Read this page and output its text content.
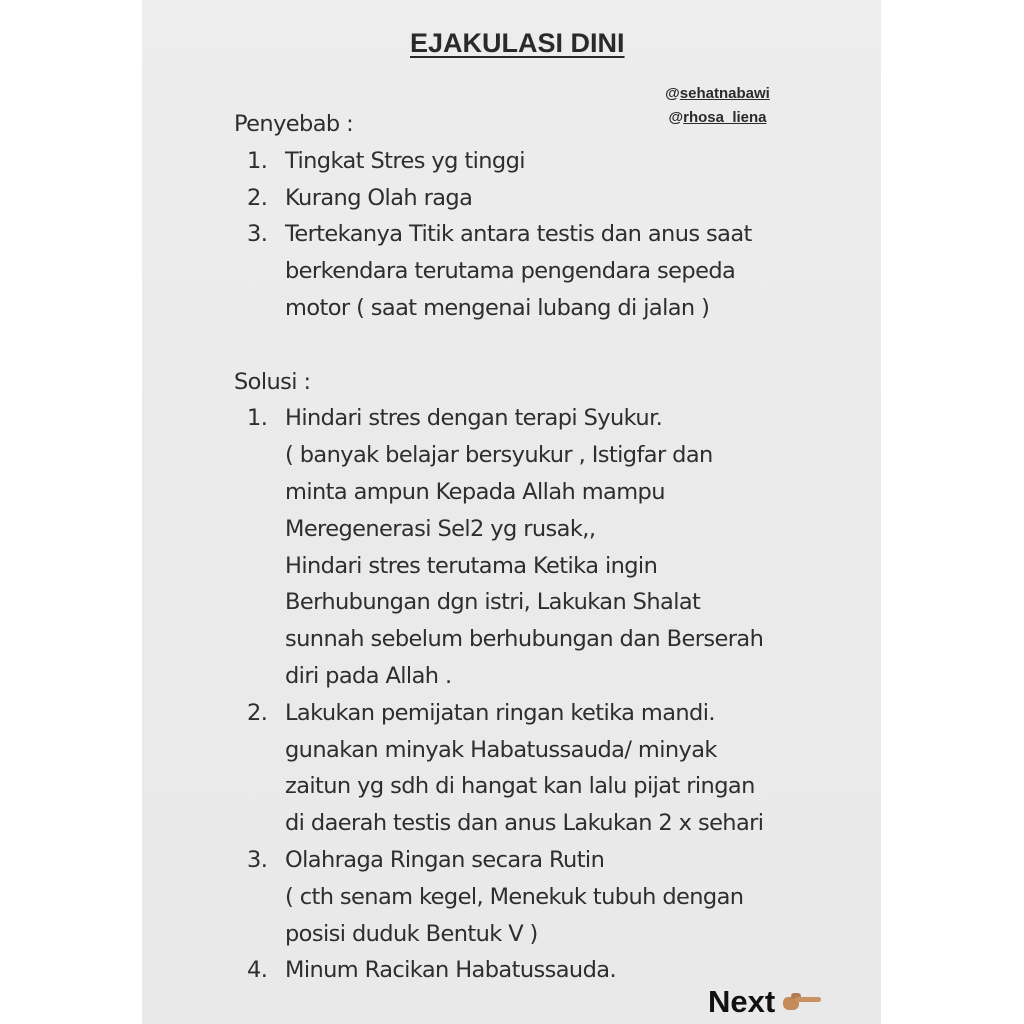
EJAKULASI DINI
@sehatnabawi
@rhosa_liena
Penyebab :
1. Tingkat Stres yg tinggi
2. Kurang Olah raga
3. Tertekanya Titik antara testis dan anus saat
berkendara terutama pengendara sepeda
motor ( saat mengenai lubang di jalan )
Solusi :
1. Hindari stres dengan terapi Syukur.
( banyak belajar bersyukur , Istigfar dan
minta ampun Kepada Allah mampu
Meregenerasi Sel2 yg rusak,,
Hindari stres terutama Ketika ingin
Berhubungan dgn istri, Lakukan Shalat
sunnah sebelum berhubungan dan Berserah
diri pada Allah .
2. Lakukan pemijatan ringan ketika mandi.
gunakan minyak Habatussauda/ minyak
zaitun yg sdh di hangat kan lalu pijat ringan
di daerah testis dan anus Lakukan 2 x sehari
3. Olahraga Ringan secara Rutin
( cth senam kegel, Menekuk tubuh dengan
posisi duduk Bentuk V )
4. Minum Racikan Habatussauda.
Next
